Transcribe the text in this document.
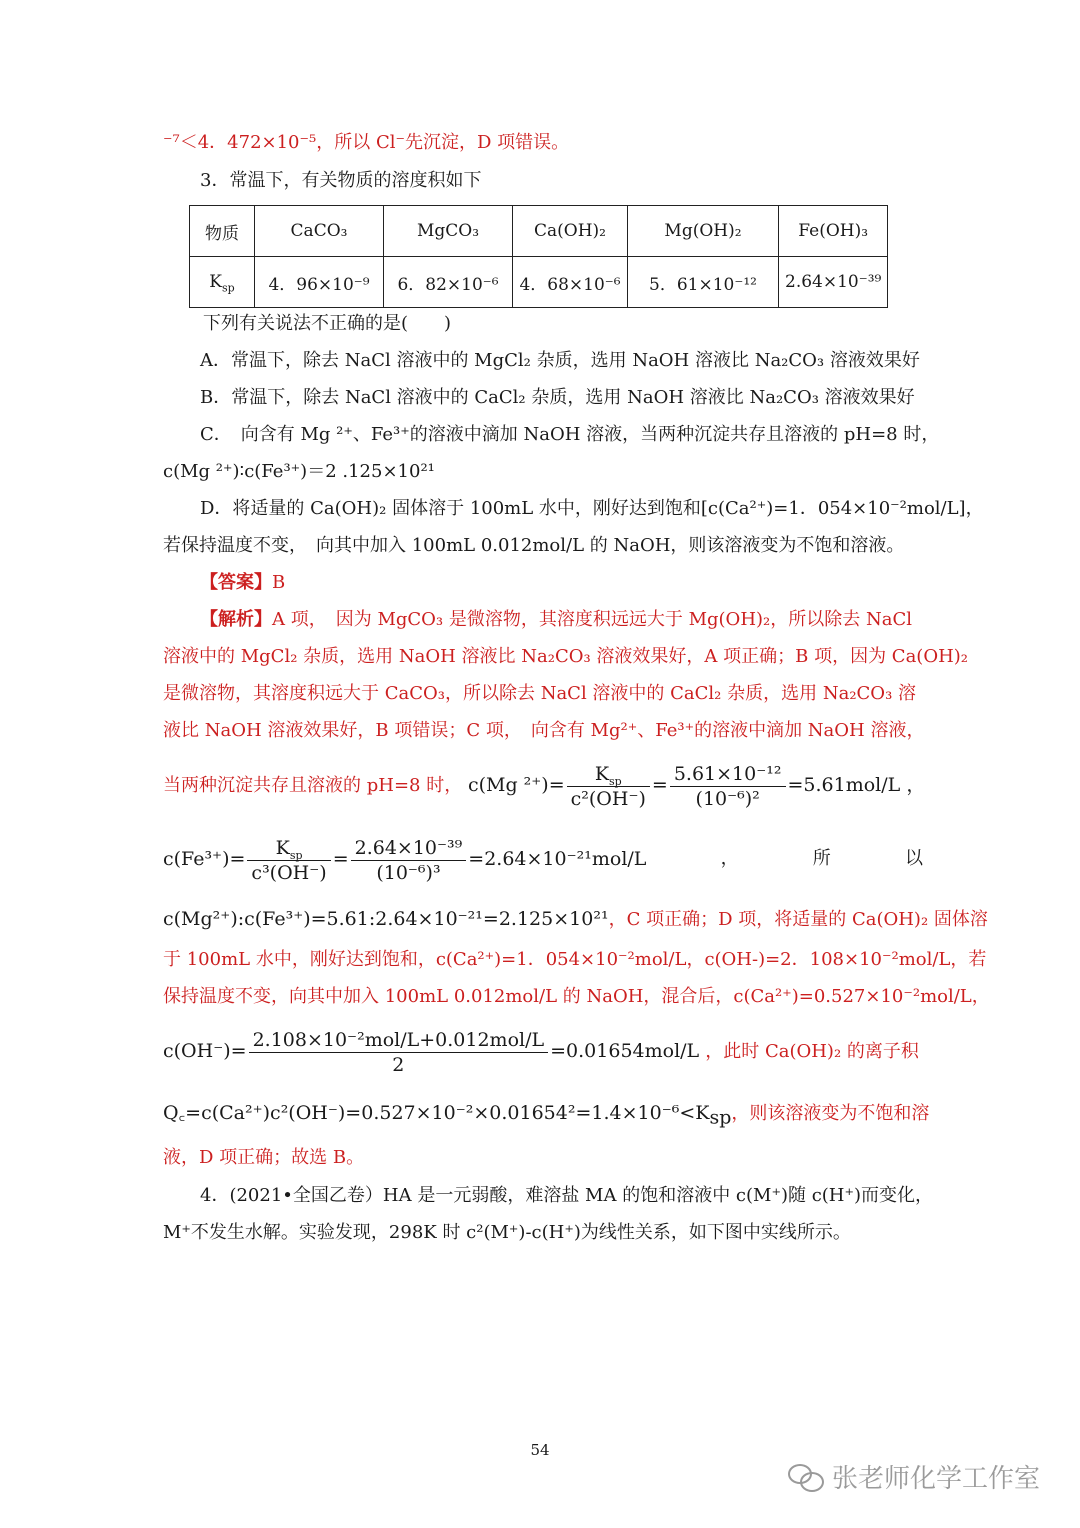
⁻⁷＜4．472×10⁻⁵，所以 Cl⁻先沉淀，D 项错误。
3．常温下，有关物质的溶度积如下
物质	CaCO₃	MgCO₃	Ca(OH)₂	Mg(OH)₂	Fe(OH)₃
$K_{sp}$	4．96×10⁻⁹	6．82×10⁻⁶	4．68×10⁻⁶	5．61×10⁻¹²	2.64×10⁻³⁹
下列有关说法不正确的是(　　)
A．常温下，除去 NaCl 溶液中的 MgCl₂ 杂质，选用 NaOH 溶液比 Na₂CO₃ 溶液效果好
B．常温下，除去 NaCl 溶液中的 CaCl₂ 杂质，选用 NaOH 溶液比 Na₂CO₃ 溶液效果好
C．　向含有 Mg ²⁺、Fe³⁺的溶液中滴加 NaOH 溶液，当两种沉淀共存且溶液的 pH=8 时，
c(Mg ²⁺)∶c(Fe³⁺)＝2 .125×10²¹
D．将适量的 Ca(OH)₂ 固体溶于 100mL 水中，刚好达到饱和[c(Ca²⁺)=1．054×10⁻²mol/L]，
若保持温度不变，　向其中加入 100mL 0.012mol/L 的 NaOH，则该溶液变为不饱和溶液。
【答案】B
【解析】A 项，　因为 MgCO₃ 是微溶物，其溶度积远远大于 Mg(OH)₂，所以除去 NaCl
溶液中的 MgCl₂ 杂质，选用 NaOH 溶液比 Na₂CO₃ 溶液效果好，A 项正确；B 项，因为 Ca(OH)₂
是微溶物，其溶度积远大于 CaCO₃，所以除去 NaCl 溶液中的 CaCl₂ 杂质，选用 Na₂CO₃ 溶
液比 NaOH 溶液效果好，B 项错误；C 项，　向含有 Mg²⁺、Fe³⁺的溶液中滴加 NaOH 溶液，
当两种沉淀共存且溶液的 pH=8 时， c(Mg $^{2+})= \frac{K_{sp}}{\text{c²(OH⁻)}} = \frac{\text{5.61×10⁻¹²}}{\text{(10⁻⁶)²}} =5.61mol/L$ ，
$c(Fe^{3+})= \frac{K_{sp}}{\text{c³(OH⁻)}} = \frac{\text{2.64×10⁻³⁹}}{\text{(10⁻⁶)³}} =2.64\times 10^{-21}mol/L$	，	所	以
c(Mg²⁺):c(Fe³⁺)=5.61:2.64×10⁻²¹=2.125×10²¹，C 项正确；D 项，将适量的 Ca(OH)₂ 固体溶
于 100mL 水中，刚好达到饱和，c(Ca²⁺)=1．054×10⁻²mol/L，c(OH-)=2．108×10⁻²mol/L，若
保持温度不变，向其中加入 100mL 0.012mol/L 的 NaOH，混合后，c(Ca²⁺)=0.527×10⁻²mol/L，
$c(OH^-)= \frac{\text{2.108×10⁻²mol/L+0.012mol/L}}{2} =0.01654mol/L$ ，此时 Ca(OH)₂ 的离子积
$Q꜀=c(Ca^{2+})c^2(OH^-)=0.527\times 10^{-2}\times 0.01654^2=1.4\times 10^{-6}<K_{sp}$，则该溶液变为不饱和溶
液，D 项正确；故选 B。
4．(2021•全国乙卷）HA 是一元弱酸，难溶盐 MA 的饱和溶液中 c(M⁺)随 c(H⁺)而变化，
M⁺不发生水解。实验发现，298K 时 c²(M⁺)-c(H⁺)为线性关系，如下图中实线所示。
54
张老师化学工作室
